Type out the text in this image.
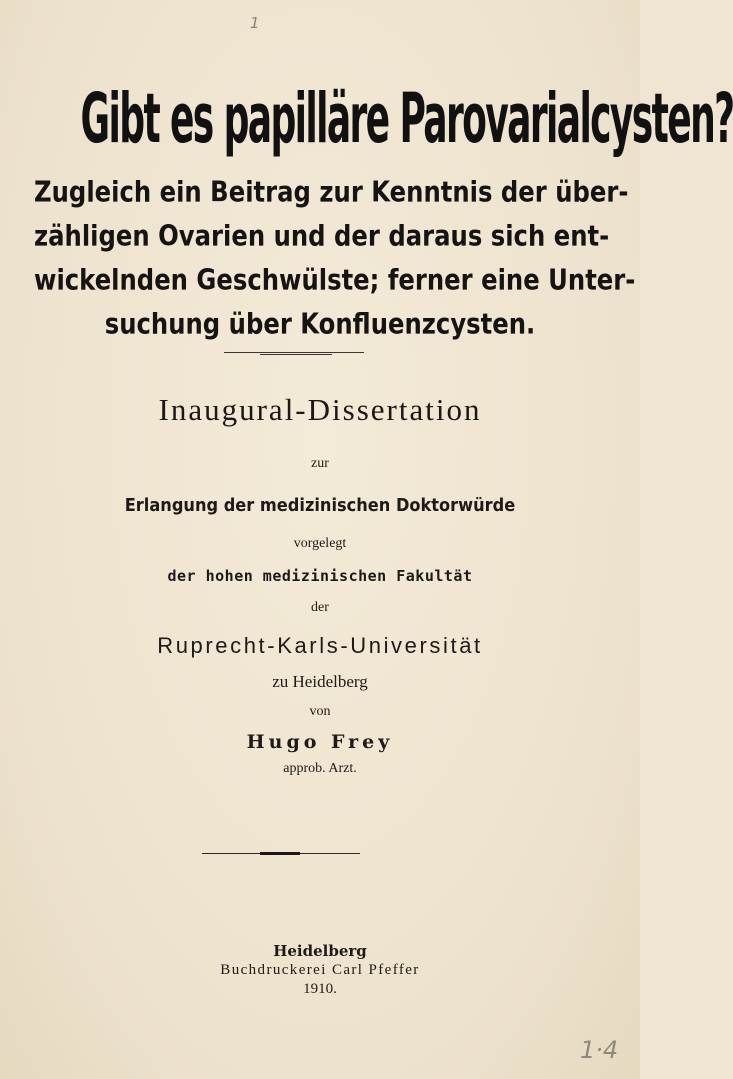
1
Gibt es papilläre Parovarialcysten?
Zugleich ein Beitrag zur Kenntnis der über-
zähligen Ovarien und der daraus sich ent-
wickelnden Geschwülste; ferner eine Unter-
suchung über Konfluenzcysten.
Inaugural-Dissertation
zur
Erlangung der medizinischen Doktorwürde
vorgelegt
der hohen medizinischen Fakultät
der
Ruprecht-Karls-Universität
zu Heidelberg
von
Hugo Frey
approb. Arzt.
Heidelberg
Buchdruckerei Carl Pfeffer
1910.
1·4
